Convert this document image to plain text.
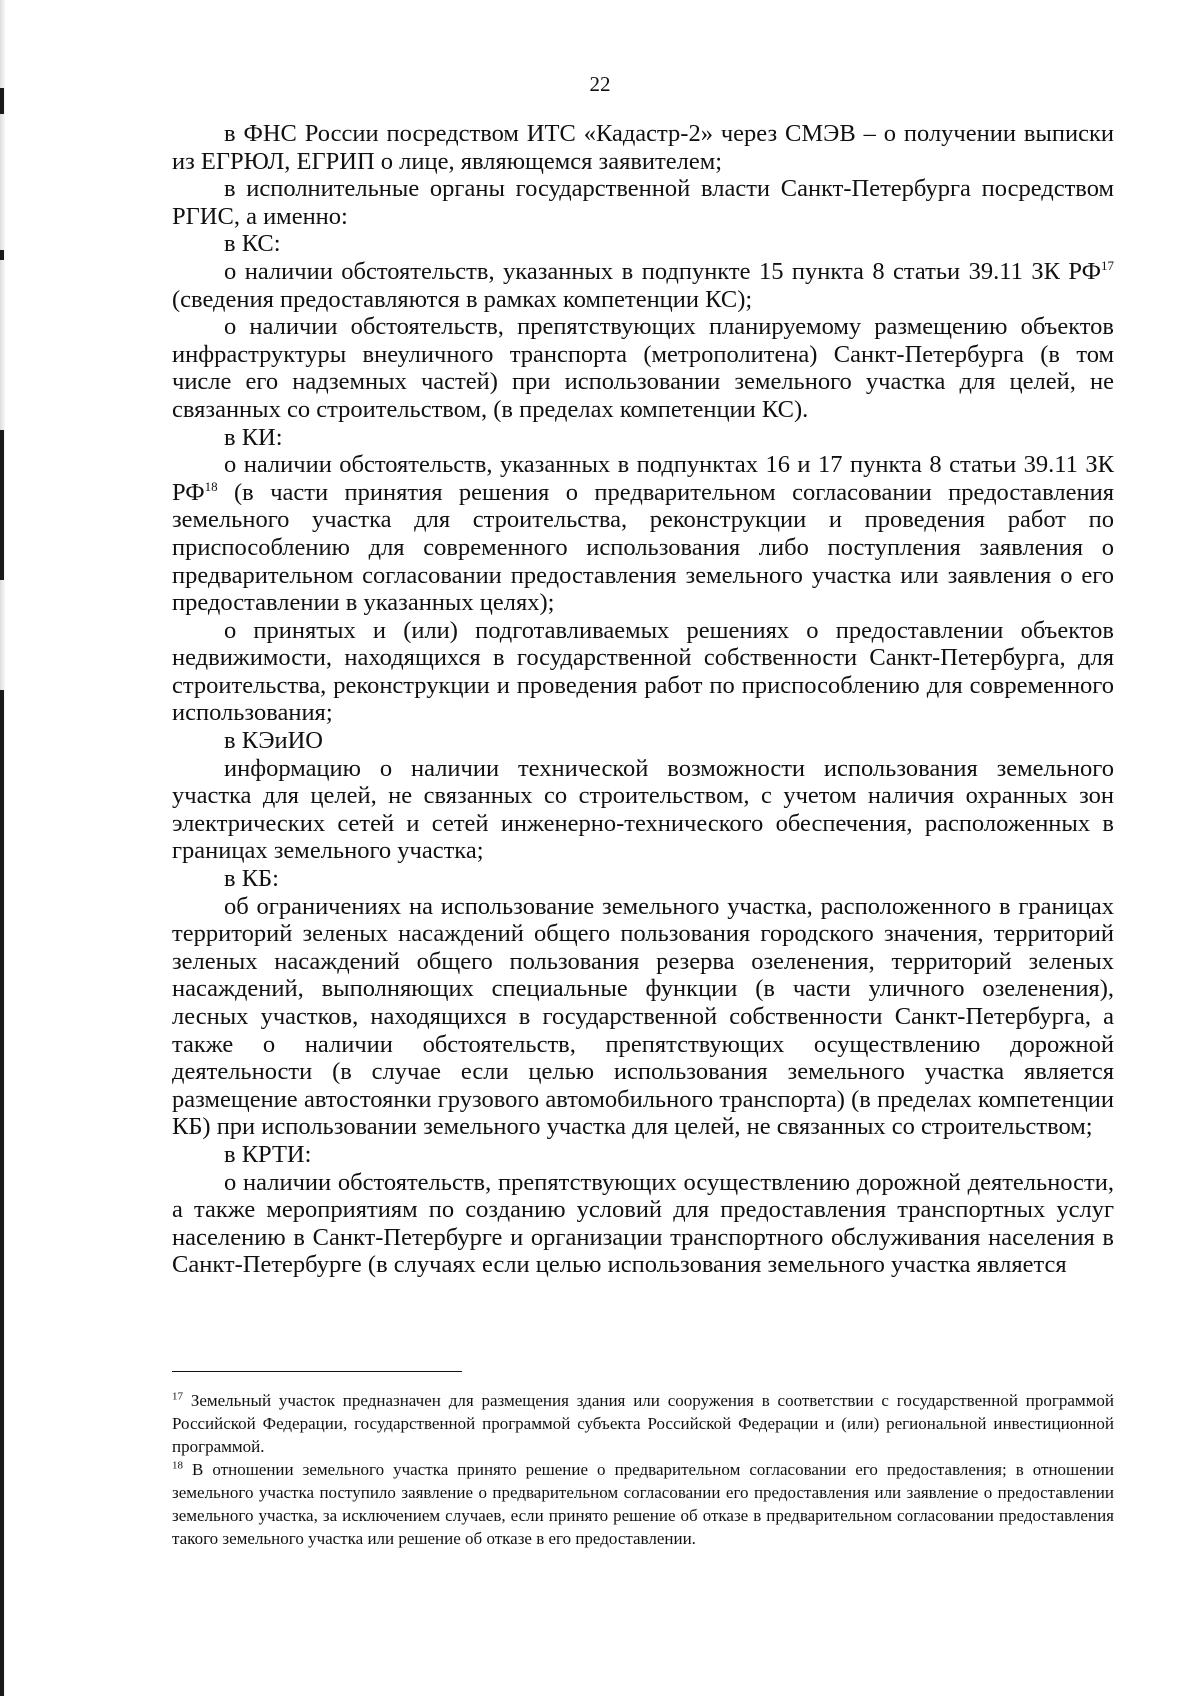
22

в ФНС России посредством ИТС «Кадастр-2» через СМЭВ – о получении выписки из ЕГРЮЛ, ЕГРИП о лице, являющемся заявителем;

в исполнительные органы государственной власти Санкт-Петербурга посредством РГИС, а именно:

в КС:

о наличии обстоятельств, указанных в подпункте 15 пункта 8 статьи 39.11 ЗК РФ$^{17}$ (сведения предоставляются в рамках компетенции КС);

о наличии обстоятельств, препятствующих планируемому размещению объектов инфраструктуры внеуличного транспорта (метрополитена) Санкт-Петербурга (в том числе его надземных частей) при использовании земельного участка для целей, не связанных со строительством, (в пределах компетенции КС).

в КИ:

о наличии обстоятельств, указанных в подпунктах 16 и 17 пункта 8 статьи 39.11 ЗК РФ$^{18}$ (в части принятия решения о предварительном согласовании предоставления земельного участка для строительства, реконструкции и проведения работ по приспособлению для современного использования либо поступления заявления о предварительном согласовании предоставления земельного участка или заявления о его предоставлении в указанных целях);

о принятых и (или) подготавливаемых решениях о предоставлении объектов недвижимости, находящихся в государственной собственности Санкт-Петербурга, для строительства, реконструкции и проведения работ по приспособлению для современного использования;

в КЭиИО

информацию о наличии технической возможности использования земельного участка для целей, не связанных со строительством, с учетом наличия охранных зон электрических сетей и сетей инженерно-технического обеспечения, расположенных в границах земельного участка;

в КБ:

об ограничениях на использование земельного участка, расположенного в границах территорий зеленых насаждений общего пользования городского значения, территорий зеленых насаждений общего пользования резерва озеленения, территорий зеленых насаждений, выполняющих специальные функции (в части уличного озеленения), лесных участков, находящихся в государственной собственности Санкт-Петербурга, а также о наличии обстоятельств, препятствующих осуществлению дорожной деятельности (в случае если целью использования земельного участка является размещение автостоянки грузового автомобильного транспорта) (в пределах компетенции КБ) при использовании земельного участка для целей, не связанных со строительством;

в КРТИ:

о наличии обстоятельств, препятствующих осуществлению дорожной деятельности, а также мероприятиям по созданию условий для предоставления транспортных услуг населению в Санкт-Петербурге и организации транспортного обслуживания населения в Санкт-Петербурге (в случаях если целью использования земельного участка является

$^{17}$ Земельный участок предназначен для размещения здания или сооружения в соответствии с государственной программой Российской Федерации, государственной программой субъекта Российской Федерации и (или) региональной инвестиционной программой.

$^{18}$ В отношении земельного участка принято решение о предварительном согласовании его предоставления; в отношении земельного участка поступило заявление о предварительном согласовании его предоставления или заявление о предоставлении земельного участка, за исключением случаев, если принято решение об отказе в предварительном согласовании предоставления такого земельного участка или решение об отказе в его предоставлении.
